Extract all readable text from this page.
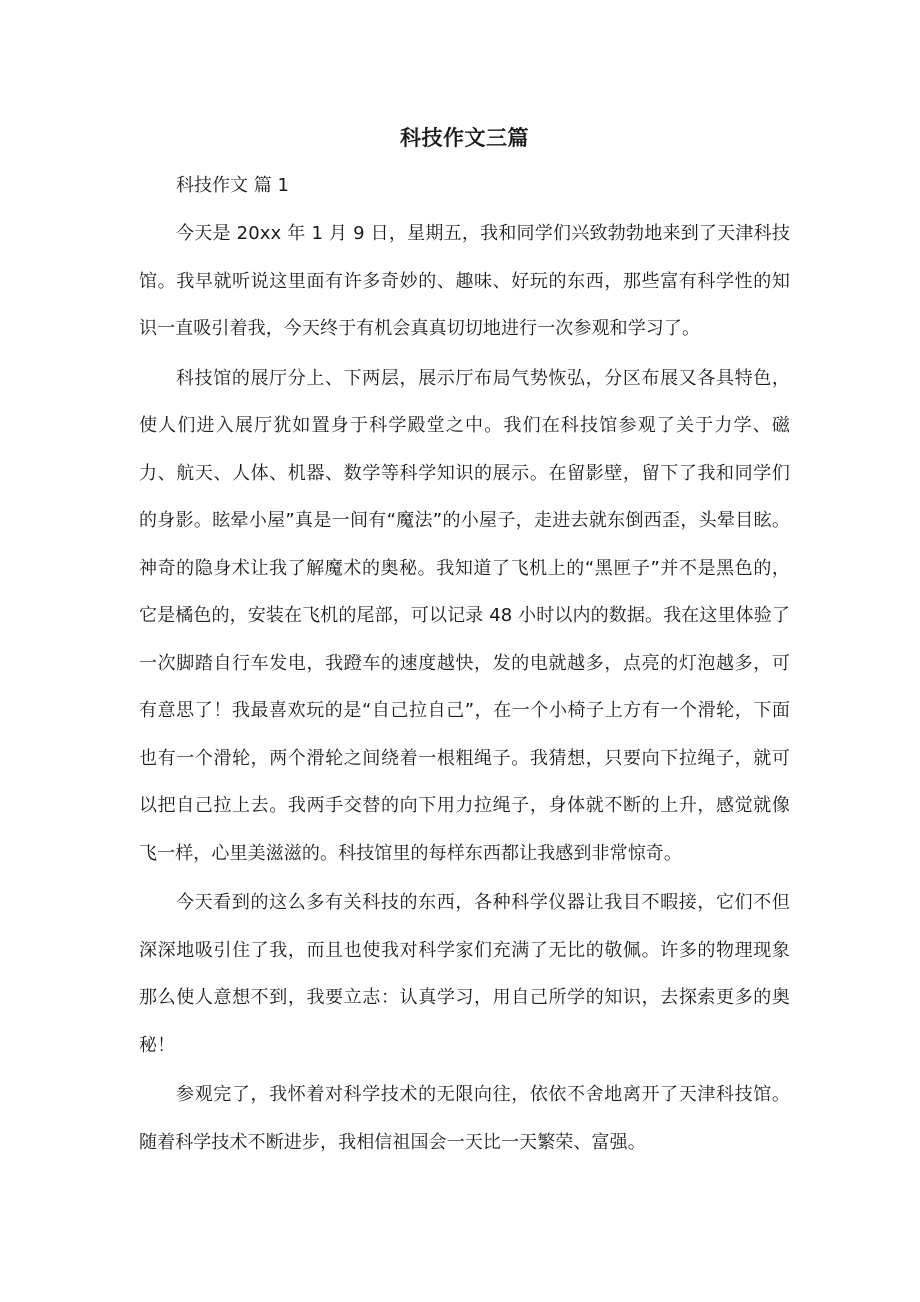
科技作文三篇

科技作文 篇 1

今天是 20xx 年 1 月 9 日，星期五，我和同学们兴致勃勃地来到了天津科技馆。我早就听说这里面有许多奇妙的、趣味、好玩的东西，那些富有科学性的知识一直吸引着我，今天终于有机会真真切切地进行一次参观和学习了。

科技馆的展厅分上、下两层，展示厅布局气势恢弘，分区布展又各具特色，使人们进入展厅犹如置身于科学殿堂之中。我们在科技馆参观了关于力学、磁力、航天、人体、机器、数学等科学知识的展示。在留影壁，留下了我和同学们的身影。眩晕小屋”真是一间有“魔法”的小屋子，走进去就东倒西歪，头晕目眩。神奇的隐身术让我了解魔术的奥秘。我知道了飞机上的“黑匣子”并不是黑色的，它是橘色的，安装在飞机的尾部，可以记录 48 小时以内的数据。我在这里体验了一次脚踏自行车发电，我蹬车的速度越快，发的电就越多，点亮的灯泡越多，可有意思了！我最喜欢玩的是“自己拉自己”，在一个小椅子上方有一个滑轮，下面也有一个滑轮，两个滑轮之间绕着一根粗绳子。我猜想，只要向下拉绳子，就可以把自己拉上去。我两手交替的向下用力拉绳子，身体就不断的上升，感觉就像飞一样，心里美滋滋的。科技馆里的每样东西都让我感到非常惊奇。

今天看到的这么多有关科技的东西，各种科学仪器让我目不暇接，它们不但深深地吸引住了我，而且也使我对科学家们充满了无比的敬佩。许多的物理现象那么使人意想不到，我要立志：认真学习，用自己所学的知识，去探索更多的奥秘！

参观完了，我怀着对科学技术的无限向往，依依不舍地离开了天津科技馆。随着科学技术不断进步，我相信祖国会一天比一天繁荣、富强。
